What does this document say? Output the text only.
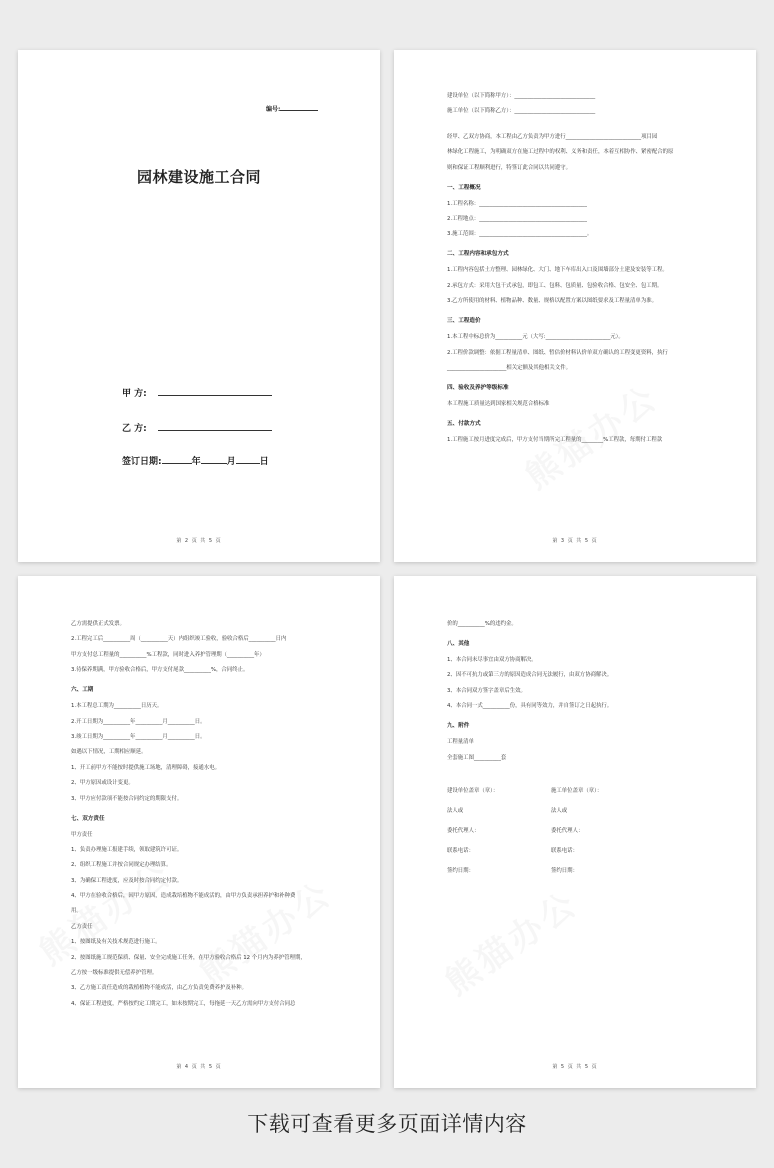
编号:
园林建设施工合同
甲 方:
乙 方:
签订日期:	年	月	日
第 2 页 共 5 页
建设单位（以下简称甲方）：______________________________
施工单位（以下简称乙方）：______________________________
经甲、乙双方协商，本工程由乙方负责为甲方进行____________________________项目园
林绿化工程施工，为明确双方在施工过程中的权利、义务和责任，本着互相协作、紧密配合的原
则和保证工程顺利进行，特签订此合同以共同遵守。
一、工程概况
1.工程名称：________________________________________
2.工程地点：________________________________________
3.施工范围：________________________________________。
二、工程内容和承包方式
1.工程内容包括土方整理、园林绿化、大门、地下车库出入口及围墙部分土建及安装等工程。
2.承包方式：采用大包干式承包，即包工、包料、包质量、包验收合格、包安全、包工期。
3.乙方所使用的材料、植物品种、数量、规格以配置方案以图纸要求及工程量清单为准。
三、工程造价
1.本工程中标总价为__________元（大写:________________________元）。
2.工程价款调整：依据工程量清单、图纸、暂估价材料认价单双方确认的工程变更资料，执行
______________________相关定额及其他相关文件。
四、验收及养护等级标准
本工程施工质量达到国家相关规范合格标准
五、付款方式
1.工程施工按月进度完成后，甲方支付当期所完工程量的________%工程款，每期付工程款
第 3 页 共 5 页
乙方需提供正式发票。
2.工程完工后__________周（__________天）内组织竣工验收，验收合格后__________日内
甲方支付总工程量的__________%工程款，同时进入养护管理期（__________年）
3.待保养期满，甲方验收合格后，甲方支付尾款__________%，合同终止。
六、工期
1.本工程总工期为__________日历天。
2.开工日期为__________年__________月__________日。
3.竣工日期为__________年__________月__________日。
如遇以下情况，工期相应顺延。
1、开工前甲方不能按时提供施工场地，清理障碍，接通水电。
2、甲方原因或设计变更。
3、甲方应付款项不能按合同约定的期限支付。
七、双方责任
甲方责任
1、负责办理施工报建手续，领取建筑许可证。
2、组织工程施工并按合同规定办理结算。
3、为确保工程进度，应及时按合同约定付款。
4、甲方在验收合格后，因甲方原因，造成栽培植物不能成活的，由甲方负责承担养护和补种费
用。
乙方责任
1、按图纸及有关技术规范进行施工。
2、按图纸施工规范保质、保量、安全完成施工任务，在甲方验收合格后 12 个月内为养护管理期，
乙方按一级标准提供无偿养护管理。
3、乙方施工责任造成的栽植植物不能成活，由乙方负责免费养护及补种。
4、保证工程进度，严格按约定工期完工，如未按期完工，每拖延一天乙方需向甲方支付合同总
第 4 页 共 5 页
价的__________%的违约金。
八、其他
1、本合同未尽事宜由双方协商解决。
2、因不可抗力或第三方的原因造成合同无法履行，由双方协商解决。
3、本合同双方签字盖章后生效。
4、本合同一式__________份，具有同等效力，并自签订之日起执行。
九、附件
工程量清单
全套施工图__________套
建设单位盖章（章）：	施工单位盖章（章）：
法人或	法人或
委托代理人：	委托代理人：
联系电话：	联系电话：
签约日期：	签约日期：
第 5 页 共 5 页
下载可查看更多页面详情内容
